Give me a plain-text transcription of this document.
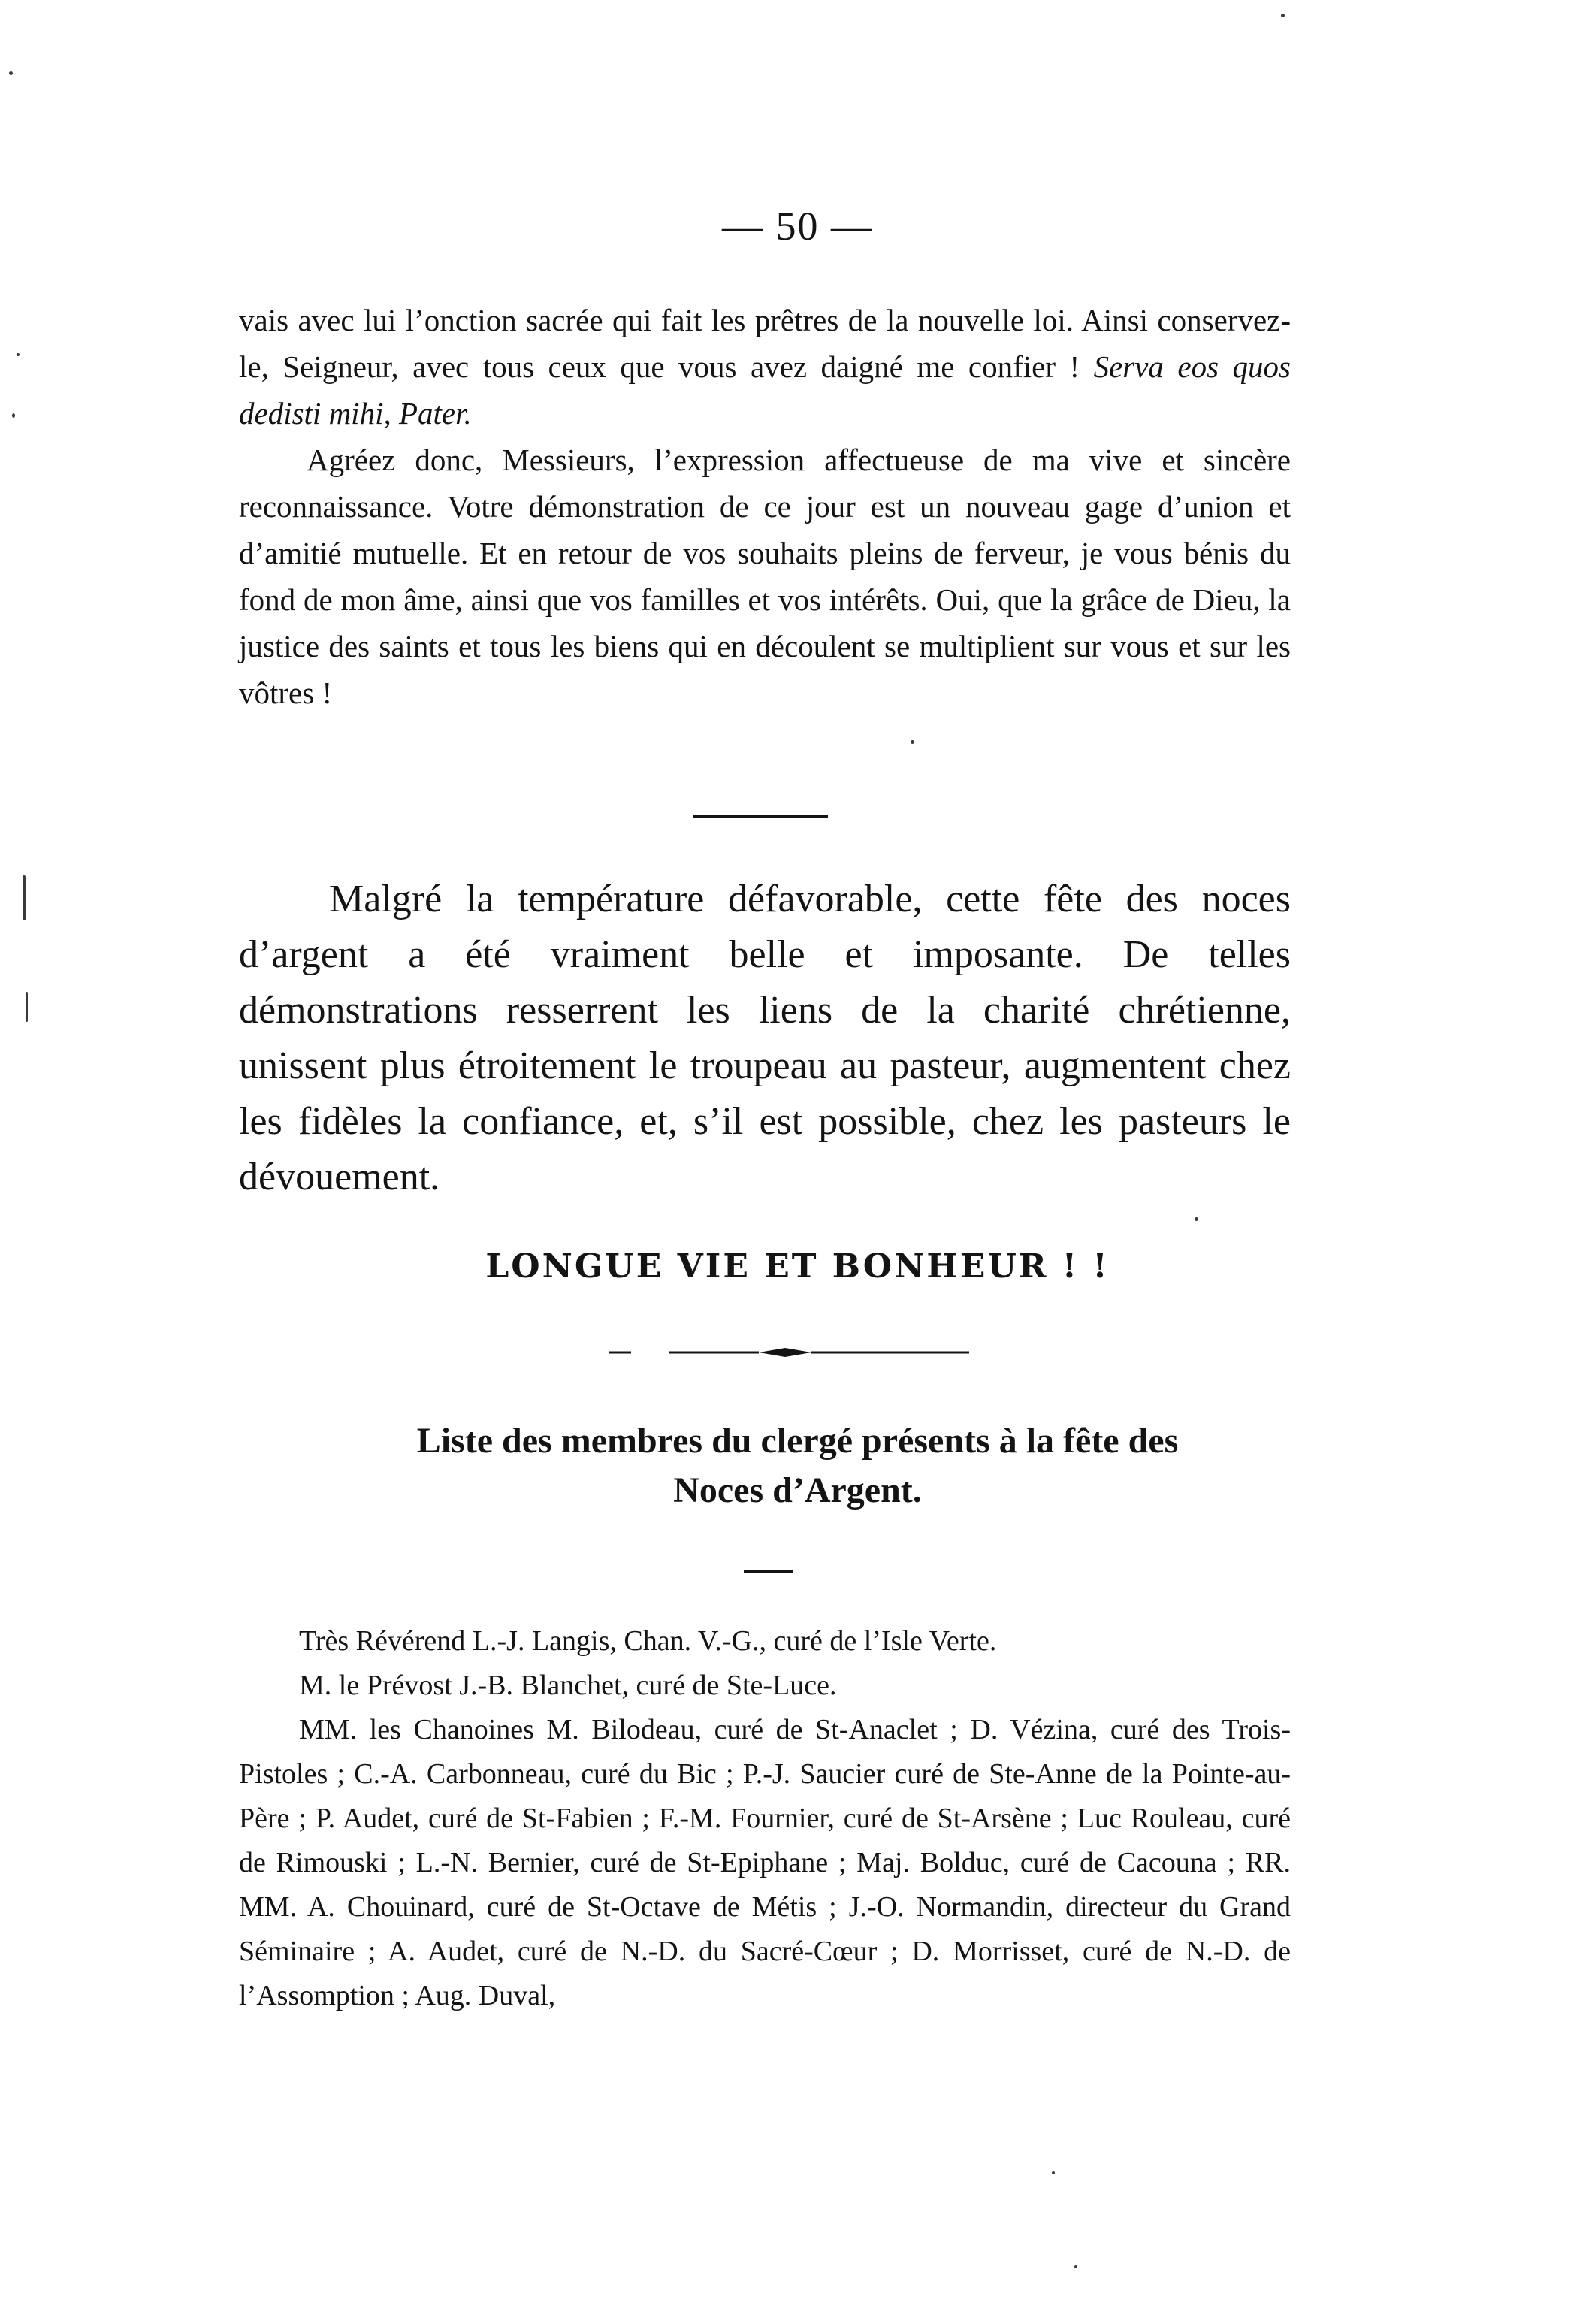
— 50 —

vais avec lui l’onction sacrée qui fait les prêtres de la nouvelle loi. Ainsi conservez-le, Seigneur, avec tous ceux que vous avez daigné me confier ! Serva eos quos dedisti mihi, Pater.

Agréez donc, Messieurs, l’expression affectueuse de ma vive et sincère reconnaissance. Votre démonstration de ce jour est un nouveau gage d’union et d’amitié mutuelle. Et en retour de vos souhaits pleins de ferveur, je vous bénis du fond de mon âme, ainsi que vos familles et vos intérêts. Oui, que la grâce de Dieu, la justice des saints et tous les biens qui en découlent se multiplient sur vous et sur les vôtres !

Malgré la température défavorable, cette fête des noces d’argent a été vraiment belle et imposante. De telles démonstrations resserrent les liens de la charité chrétienne, unissent plus étroitement le troupeau au pasteur, augmentent chez les fidèles la confiance, et, s’il est possible, chez les pasteurs le dévouement.

LONGUE VIE ET BONHEUR ! !
Liste des membres du clergé présents à la fête des
Noces d’Argent.

Très Révérend L.-J. Langis, Chan. V.-G., curé de l’Isle Verte.

M. le Prévost J.-B. Blanchet, curé de Ste-Luce.

MM. les Chanoines M. Bilodeau, curé de St-Anaclet ; D. Vézina, curé des Trois-Pistoles ; C.-A. Carbonneau, curé du Bic ; P.-J. Saucier curé de Ste-Anne de la Pointe-au-Père ; P. Audet, curé de St-Fabien ; F.-M. Fournier, curé de St-Arsène ; Luc Rouleau, curé de Rimouski ; L.-N. Bernier, curé de St-Epiphane ; Maj. Bolduc, curé de Cacouna ; RR. MM. A. Chouinard, curé de St-Octave de Métis ; J.-O. Normandin, directeur du Grand Séminaire ; A. Audet, curé de N.-D. du Sacré-Cœur ; D. Morrisset, curé de N.-D. de l’Assomption ; Aug. Duval,
